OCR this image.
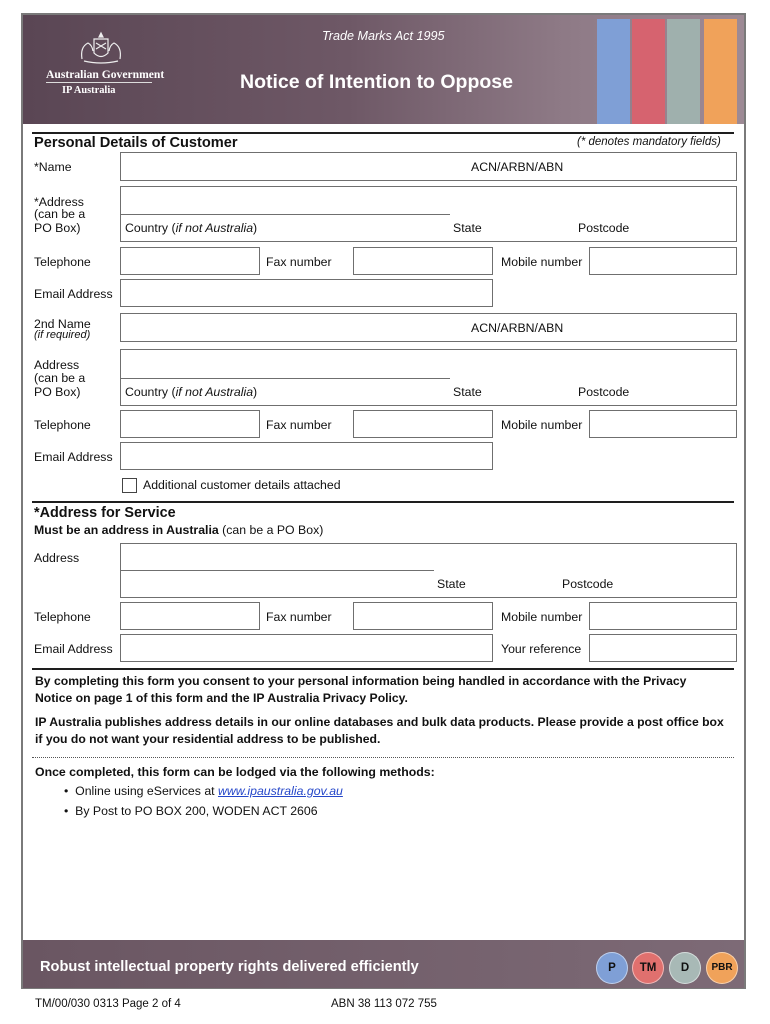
Australian Government
IP Australia
Trade Marks Act 1995
Notice of Intention to Oppose
Personal Details of Customer	(* denotes mandatory fields)
*Name	ACN/ARBN/ABN
*Address
(can be a
PO Box)	Country (if not Australia)	State	Postcode
Telephone	Fax number	Mobile number
Email Address
2nd Name
(if required)	ACN/ARBN/ABN
Address
(can be a
PO Box)	Country (if not Australia)	State	Postcode
Telephone	Fax number	Mobile number
Email Address
Additional customer details attached
*Address for Service
Must be an address in Australia (can be a PO Box)
Address
State	Postcode
Telephone	Fax number	Mobile number
Email Address	Your reference
By completing this form you consent to your personal information being handled in accordance with the Privacy Notice on page 1 of this form and the IP Australia Privacy Policy.
IP Australia publishes address details in our online databases and bulk data products. Please provide a post office box if you do not want your residential address to be published.
Once completed, this form can be lodged via the following methods:
• Online using eServices at www.ipaustralia.gov.au
• By Post to PO BOX 200, WODEN ACT 2606
Robust intellectual property rights delivered efficiently	P	TM	D	PBR
TM/00/030 0313 Page 2 of 4	ABN 38 113 072 755
